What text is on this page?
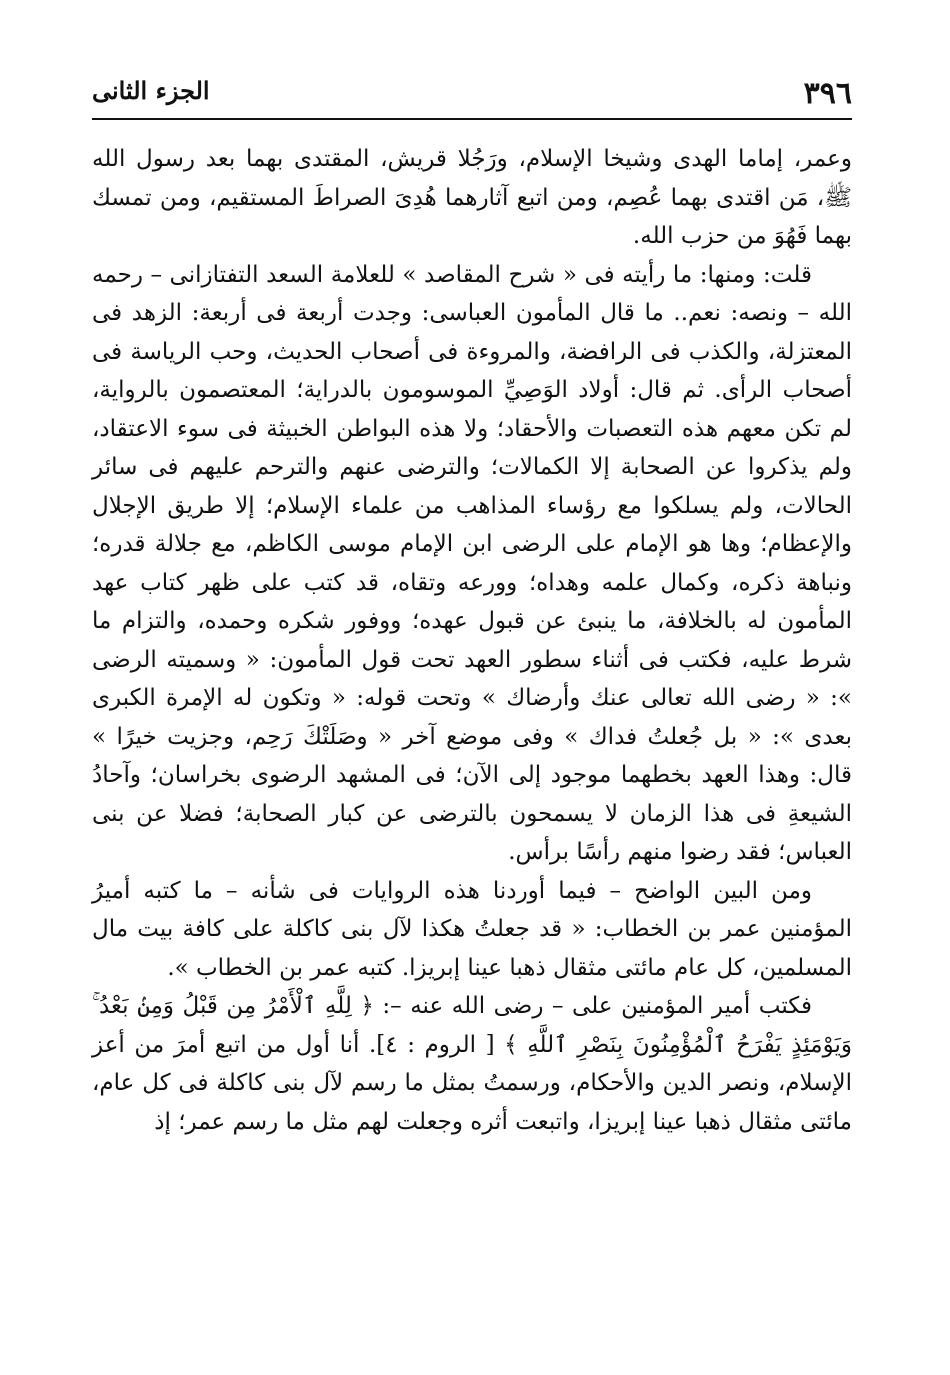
٣٩٦
الجزء الثانى

وعمر، إماما الهدى وشيخا الإسلام، ورَجُلا قريش، المقتدى بهما بعد رسول الله ﷺ، مَن اقتدى بهما عُصِم، ومن اتبع آثارهما هُدِىَ الصراطَ المستقيم، ومن تمسك بهما فَهُوَ من حزب الله.

قلت: ومنها: ما رأيته فى « شرح المقاصد » للعلامة السعد التفتازانى – رحمه الله – ونصه: نعم.. ما قال المأمون العباسى: وجدت أربعة فى أربعة: الزهد فى المعتزلة، والكذب فى الرافضة، والمروءة فى أصحاب الحديث، وحب الرياسة فى أصحاب الرأى. ثم قال: أولاد الوَصِيِّ الموسومون بالدراية؛ المعتصمون بالرواية، لم تكن معهم هذه التعصبات والأحقاد؛ ولا هذه البواطن الخبيثة فى سوء الاعتقاد، ولم يذكروا عن الصحابة إلا الكمالات؛ والترضى عنهم والترحم عليهم فى سائر الحالات، ولم يسلكوا مع رؤساء المذاهب من علماء الإسلام؛ إلا طريق الإجلال والإعظام؛ وها هو الإمام على الرضى ابن الإمام موسى الكاظم، مع جلالة قدره؛ ونباهة ذكره، وكمال علمه وهداه؛ وورعه وتقاه، قد كتب على ظهر كتاب عهد المأمون له بالخلافة، ما ينبئ عن قبول عهده؛ ووفور شكره وحمده، والتزام ما شرط عليه، فكتب فى أثناء سطور العهد تحت قول المأمون: « وسميته الرضى »: « رضى الله تعالى عنك وأرضاك » وتحت قوله: « وتكون له الإمرة الكبرى بعدى »: « بل جُعلتُ فداك » وفى موضع آخر « وصَلَتْكَ رَحِم، وجزيت خيرًا » قال: وهذا العهد بخطهما موجود إلى الآن؛ فى المشهد الرضوى بخراسان؛ وآحادُ الشيعةِ فى هذا الزمان لا يسمحون بالترضى عن كبار الصحابة؛ فضلا عن بنى العباس؛ فقد رضوا منهم رأسًا برأس.

ومن البين الواضح – فيما أوردنا هذه الروايات فى شأنه – ما كتبه أميرُ المؤمنين عمر بن الخطاب: « قد جعلتُ هكذا لآل بنى كاكلة على كافة بيت مال المسلمين، كل عام مائتى مثقال ذهبا عينا إبريزا. كتبه عمر بن الخطاب ».

فكتب أمير المؤمنين على – رضى الله عنه –: ﴿ لِلَّهِ ٱلْأَمْرُ مِن قَبْلُ وَمِنۢ بَعْدُ ۚ وَيَوْمَئِذٍ يَفْرَحُ ٱلْمُؤْمِنُونَ بِنَصْرِ ٱللَّهِ ﴾ [ الروم : ٤]. أنا أول من اتبع أمرَ من أعز الإسلام، ونصر الدين والأحكام، ورسمتُ بمثل ما رسم لآل بنى كاكلة فى كل عام، مائتى مثقال ذهبا عينا إبريزا، واتبعت أثره وجعلت لهم مثل ما رسم عمر؛ إذ
